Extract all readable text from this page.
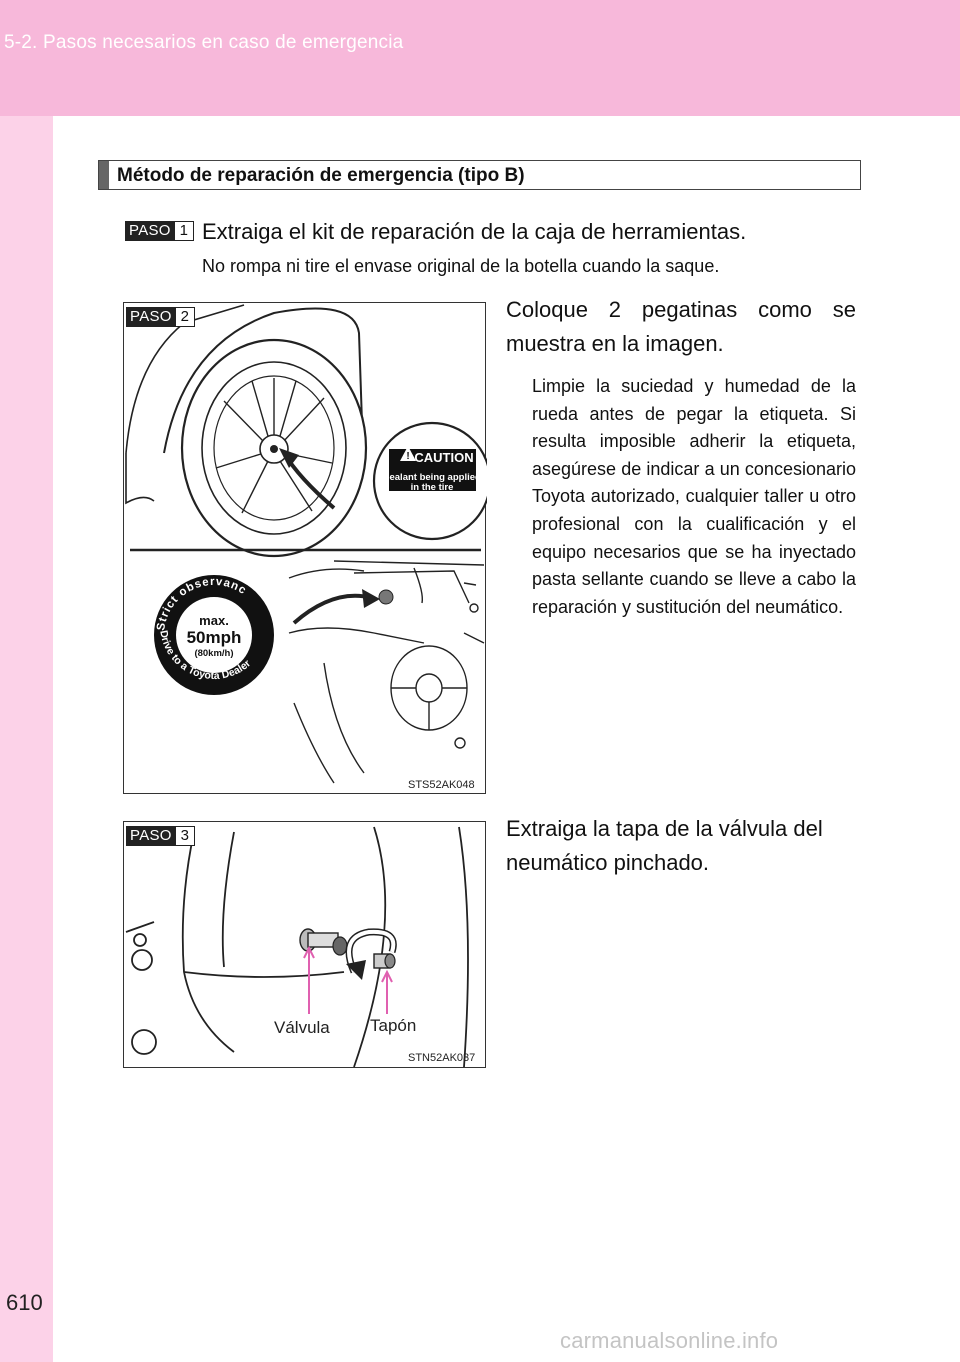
5-2. Pasos necesarios en caso de emergencia
610
Método de reparación de emergencia (tipo B)
PASO 1 Extraiga el kit de reparación de la caja de herramientas.
No rompa ni tire el envase original de la botella cuando la saque.
! CAUTION
Sealant being applied
in the tire
Strict observanc
Drive to a Toyota Dealer
max.
50mph
(80km/h)
PASO 2
STS52AK048
Coloque 2 pegatinas como se muestra en la imagen.
Limpie la suciedad y humedad de la rueda antes de pegar la etiqueta. Si resulta imposible adherir la etiqueta, asegúrese de indicar a un concesionario Toyota autorizado, cualquier taller u otro profesional con la cualificación y el equipo necesarios que se ha inyectado pasta sellante cuando se lleve a cabo la reparación y sustitución del neumático.
PASO 3
Válvula Tapón
STN52AK037
Extraiga la tapa de la válvula del neumático pinchado.
carmanualsonline.info
